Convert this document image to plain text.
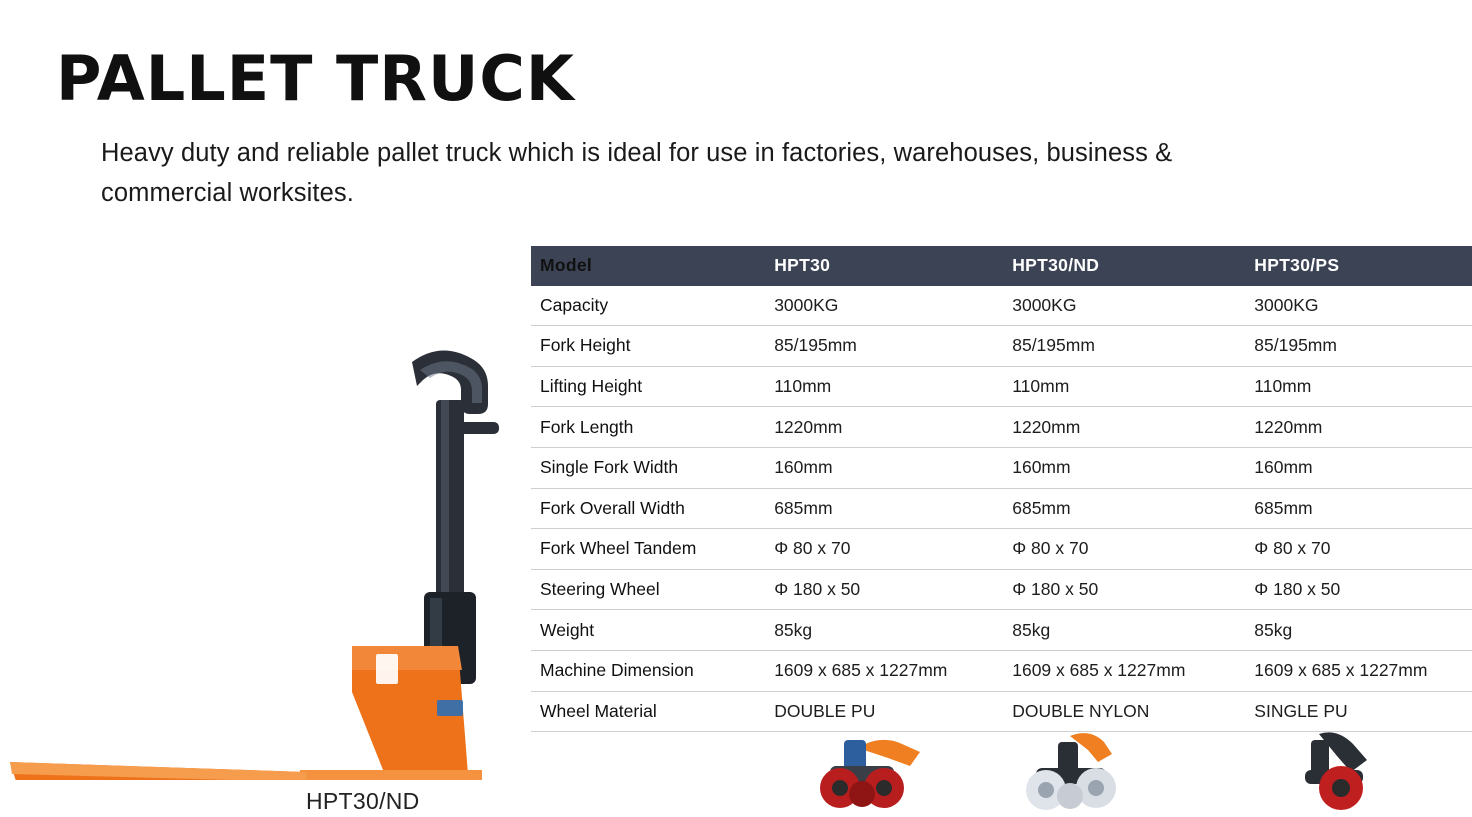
PALLET TRUCK

Heavy duty and reliable pallet truck which is ideal for use in factories, warehouses, business & commercial worksites.

HPT30/ND
Model	HPT30	HPT30/ND	HPT30/PS
Capacity	3000KG	3000KG	3000KG
Fork Height	85/195mm	85/195mm	85/195mm
Lifting Height	110mm	110mm	110mm
Fork Length	1220mm	1220mm	1220mm
Single Fork Width	160mm	160mm	160mm
Fork Overall Width	685mm	685mm	685mm
Fork Wheel Tandem	Φ 80 x 70	Φ 80 x 70	Φ 80 x 70
Steering Wheel	Φ 180 x 50	Φ 180 x 50	Φ 180 x 50
Weight	85kg	85kg	85kg
Machine Dimension	1609 x 685 x 1227mm	1609 x 685 x 1227mm	1609 x 685 x 1227mm
Wheel Material	DOUBLE PU	DOUBLE NYLON	SINGLE PU
